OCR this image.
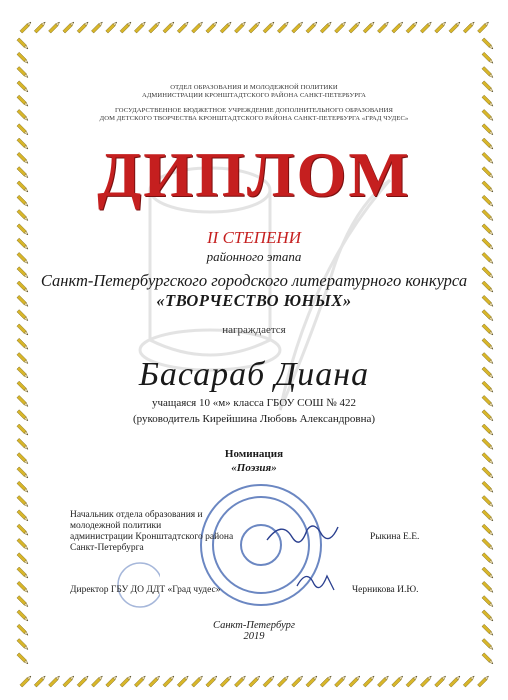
ОТДЕЛ ОБРАЗОВАНИЯ И МОЛОДЕЖНОЙ ПОЛИТИКИ
АДМИНИСТРАЦИИ КРОНШТАДТСКОГО РАЙОНА САНКТ-ПЕТЕРБУРГА
ГОСУДАРСТВЕННОЕ БЮДЖЕТНОЕ УЧРЕЖДЕНИЕ ДОПОЛНИТЕЛЬНОГО ОБРАЗОВАНИЯ
ДОМ ДЕТСКОГО ТВОРЧЕСТВА КРОНШТАДТСКОГО РАЙОНА САНКТ-ПЕТЕРБУРГА «ГРАД ЧУДЕС»
ДИПЛОМ
II СТЕПЕНИ
районного этапа
Санкт-Петербургского городского литературного конкурса
«ТВОРЧЕСТВО ЮНЫХ»
награждается
Басараб Диана
учащаяся 10 «м» класса ГБОУ СОШ № 422
(руководитель Кирейшина Любовь Александровна)
Номинация
«Поэзия»
Начальник отдела образования и
молодежной политики
администрации Кронштадтского района
Санкт-Петербурга
Рыкина Е.Е.
Директор ГБУ ДО ДДТ «Град чудес»	Черникова И.Ю.
Санкт-Петербург
2019
